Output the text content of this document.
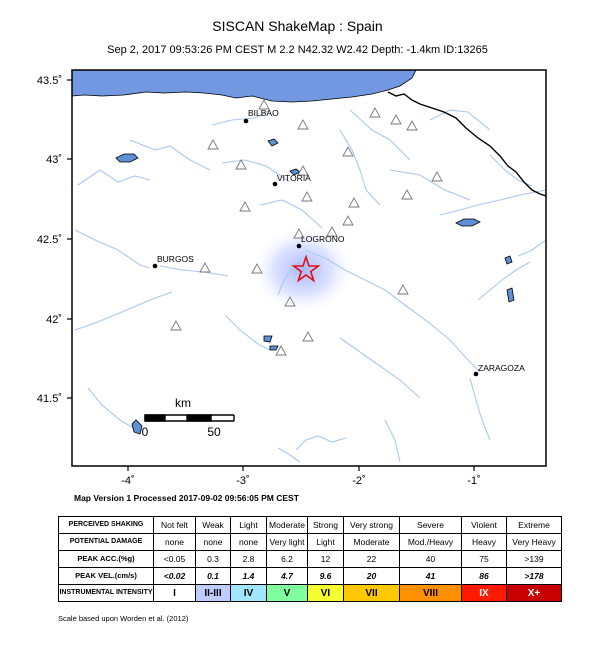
SISCAN ShakeMap : Spain
Sep 2, 2017 09:53:26 PM CEST M 2.2 N42.32 W2.42 Depth: -1.4km ID:13265
BILBAO
VITORIA
LOGRONO
BURGOS
ZARAGOZA
km
0	50
43.5˚
43˚
42.5˚
42˚
41.5˚
-4˚	-3˚	-2˚	-1˚
Map Version 1 Processed 2017-09-02 09:56:05 PM CEST
PERCEIVED SHAKING	Not felt	Weak	Light	Moderate	Strong	Very strong	Severe	Violent	Extreme
POTENTIAL DAMAGE	none	none	none	Very light	Light	Moderate	Mod./Heavy	Heavy	Very Heavy
PEAK ACC.(%g)	<0.05	0.3	2.8	6.2	12	22	40	75	>139
PEAK VEL.(cm/s)	<0.02	0.1	1.4	4.7	9.6	20	41	86	>178
INSTRUMENTAL INTENSITY	I	II-III	IV	V	VI	VII	VIII	IX	X+
Scale based upon Worden et al. (2012)
